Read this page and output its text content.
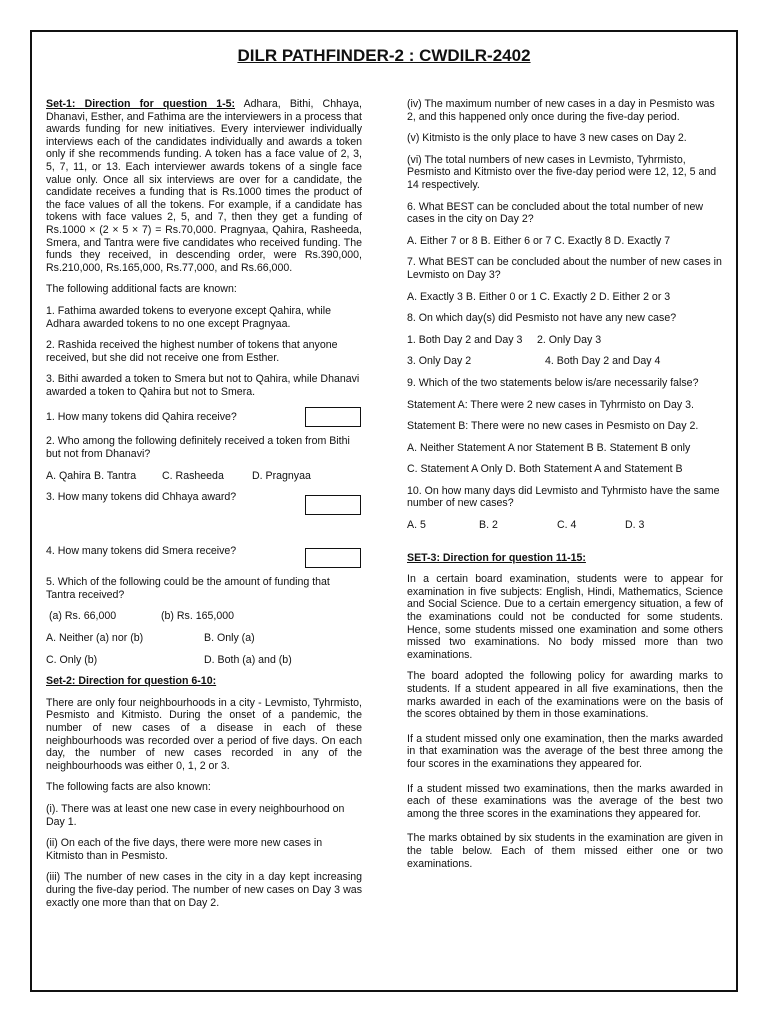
DILR PATHFINDER-2 : CWDILR-2402

Set-1: Direction for question 1-5: Adhara, Bithi, Chhaya, Dhanavi, Esther, and Fathima are the interviewers in a process that awards funding for new initiatives. Every interviewer individually interviews each of the candidates individually and awards a token only if she recommends funding. A token has a face value of 2, 3, 5, 7, 11, or 13. Each interviewer awards tokens of a single face value only. Once all six interviews are over for a candidate, the candidate receives a funding that is Rs.1000 times the product of the face values of all the tokens. For example, if a candidate has tokens with face values 2, 5, and 7, then they get a funding of Rs.1000 × (2 × 5 × 7) = Rs.70,000. Pragnyaa, Qahira, Rasheeda, Smera, and Tantra were five candidates who received funding. The funds they received, in descending order, were Rs.390,000, Rs.210,000, Rs.165,000, Rs.77,000, and Rs.66,000.

The following additional facts are known:

1. Fathima awarded tokens to everyone except Qahira, while Adhara awarded tokens to no one except Pragnyaa.

2. Rashida received the highest number of tokens that anyone received, but she did not receive one from Esther.

3. Bithi awarded a token to Smera but not to Qahira, while Dhanavi awarded a token to Qahira but not to Smera.

1. How many tokens did Qahira receive?

2. Who among the following definitely received a token from Bithi but not from Dhanavi?

A. Qahira B. Tantra	C. Rasheeda	D. Pragnyaa

3. How many tokens did Chhaya award?
4. How many tokens did Smera receive?

5. Which of the following could be the amount of funding that Tantra received?

(a) Rs. 66,000	(b) Rs. 165,000

A. Neither (a) nor (b)	B. Only (a)

C. Only (b)	D. Both (a) and (b)

Set-2: Direction for question 6-10:

There are only four neighbourhoods in a city - Levmisto, Tyhrmisto, Pesmisto and Kitmisto. During the onset of a pandemic, the number of new cases of a disease in each of these neighbourhoods was recorded over a period of five days. On each day, the number of new cases recorded in any of the neighbourhoods was either 0, 1, 2 or 3.

The following facts are also known:

(i). There was at least one new case in every neighbourhood on Day 1.

(ii) On each of the five days, there were more new cases in Kitmisto than in Pesmisto.

(iii) The number of new cases in the city in a day kept increasing during the five-day period. The number of new cases on Day 3 was exactly one more than that on Day 2.

(iv) The maximum number of new cases in a day in Pesmisto was 2, and this happened only once during the five-day period.

(v) Kitmisto is the only place to have 3 new cases on Day 2.

(vi) The total numbers of new cases in Levmisto, Tyhrmisto, Pesmisto and Kitmisto over the five-day period were 12, 12, 5 and 14 respectively.

6. What BEST can be concluded about the total number of new cases in the city on Day 2?

A. Either 7 or 8 B. Either 6 or 7 C. Exactly 8 D. Exactly 7

7. What BEST can be concluded about the number of new cases in Levmisto on Day 3?

A. Exactly 3 B. Either 0 or 1 C. Exactly 2 D. Either 2 or 3

8. On which day(s) did Pesmisto not have any new case?

1. Both Day 2 and Day 3	2. Only Day 3

3. Only Day 2	4. Both Day 2 and Day 4

9. Which of the two statements below is/are necessarily false?

Statement A: There were 2 new cases in Tyhrmisto on Day 3.

Statement B: There were no new cases in Pesmisto on Day 2.

A. Neither Statement A nor Statement B B. Statement B only

C. Statement A Only D. Both Statement A and Statement B

10. On how many days did Levmisto and Tyhrmisto have the same number of new cases?

A. 5	B. 2	C. 4	D. 3

SET-3: Direction for question 11-15:

In a certain board examination, students were to appear for examination in five subjects: English, Hindi, Mathematics, Science and Social Science. Due to a certain emergency situation, a few of the examinations could not be conducted for some students. Hence, some students missed one examination and some others missed two examinations. No body missed more than two examinations.

The board adopted the following policy for awarding marks to students. If a student appeared in all five examinations, then the marks awarded in each of the examinations were on the basis of the scores obtained by them in those examinations.

If a student missed only one examination, then the marks awarded in that examination was the average of the best three among the four scores in the examinations they appeared for.

If a student missed two examinations, then the marks awarded in each of these examinations was the average of the best two among the three scores in the examinations they appeared for.

The marks obtained by six students in the examination are given in the table below. Each of them missed either one or two examinations.
